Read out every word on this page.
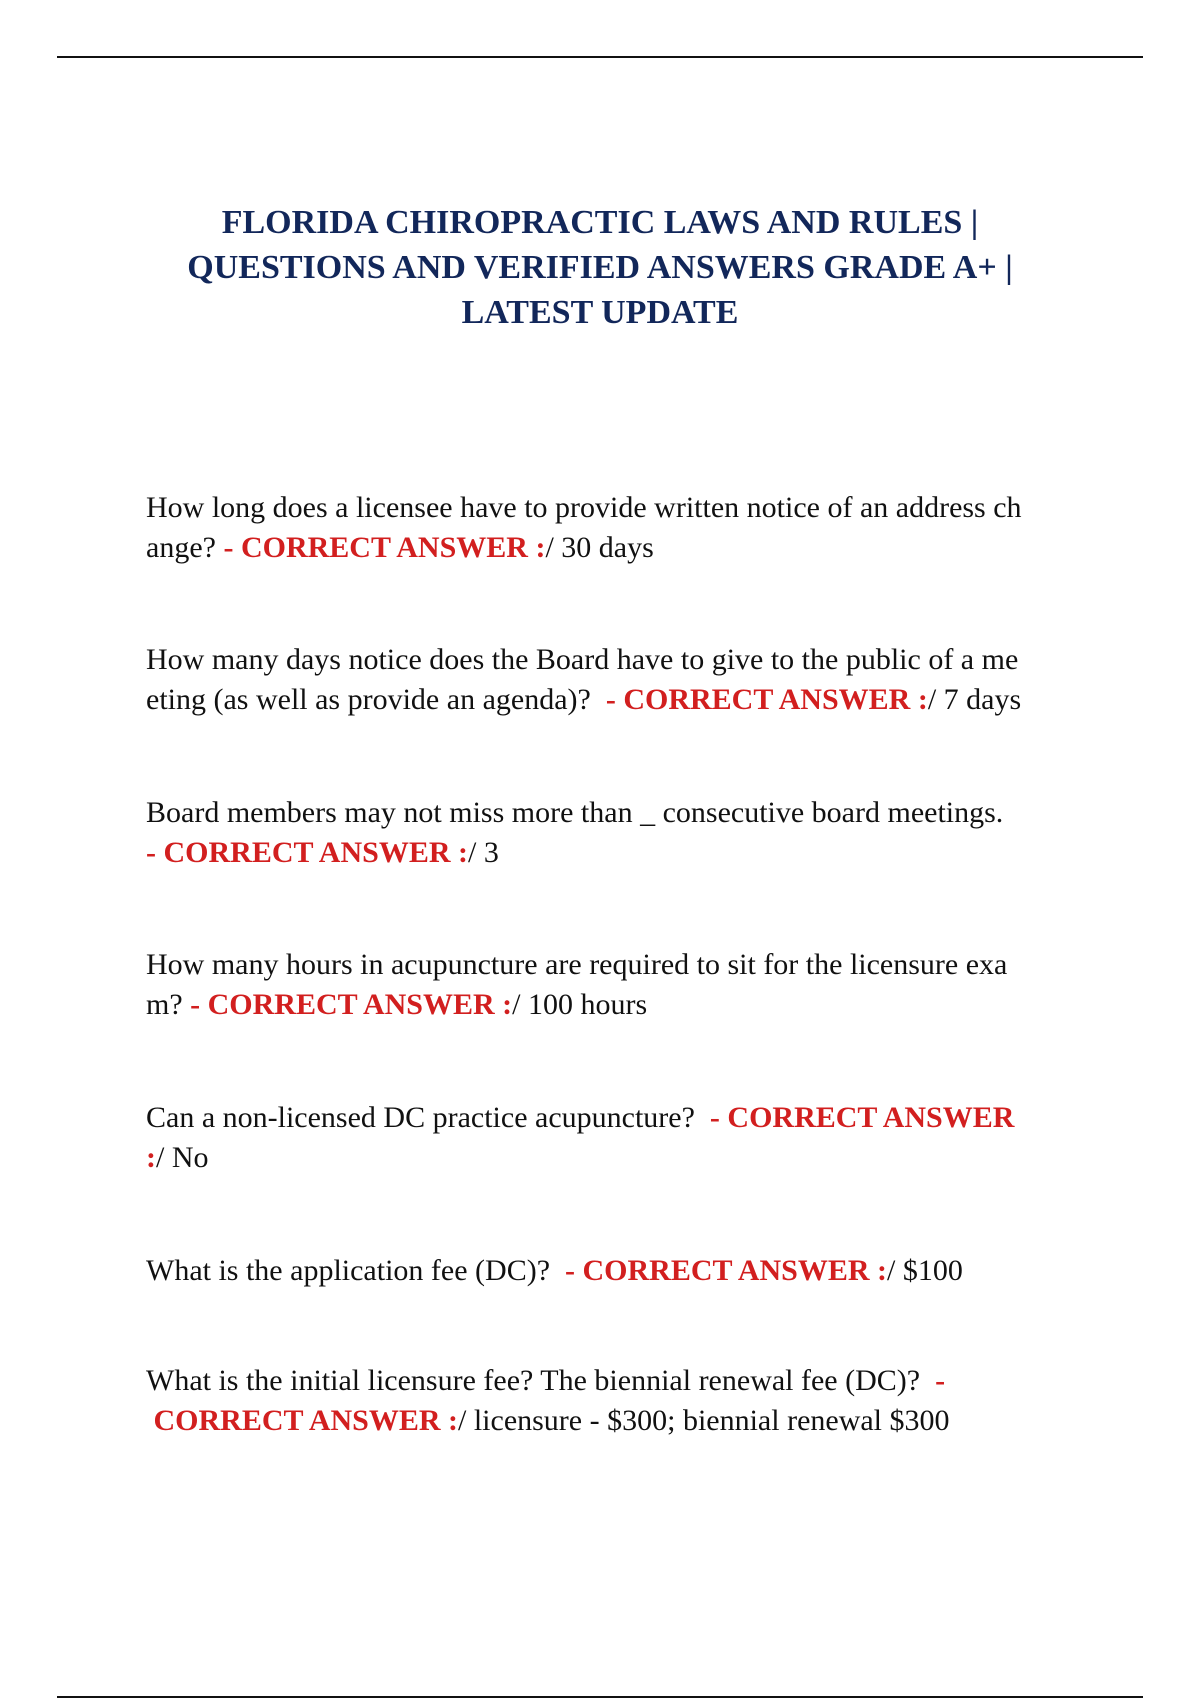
FLORIDA CHIROPRACTIC LAWS AND RULES |
QUESTIONS AND VERIFIED ANSWERS GRADE A+ |
LATEST UPDATE

How long does a licensee have to provide written notice of an address ch
ange? - CORRECT ANSWER :/ 30 days

How many days notice does the Board have to give to the public of a me
eting (as well as provide an agenda)?  - CORRECT ANSWER :/ 7 days

Board members may not miss more than _ consecutive board meetings.
- CORRECT ANSWER :/ 3

How many hours in acupuncture are required to sit for the licensure exa
m? - CORRECT ANSWER :/ 100 hours

Can a non-licensed DC practice acupuncture?  - CORRECT ANSWER
:/ No

What is the application fee (DC)?  - CORRECT ANSWER :/ $100

What is the initial licensure fee? The biennial renewal fee (DC)?  -
CORRECT ANSWER :/ licensure - $300; biennial renewal $300
